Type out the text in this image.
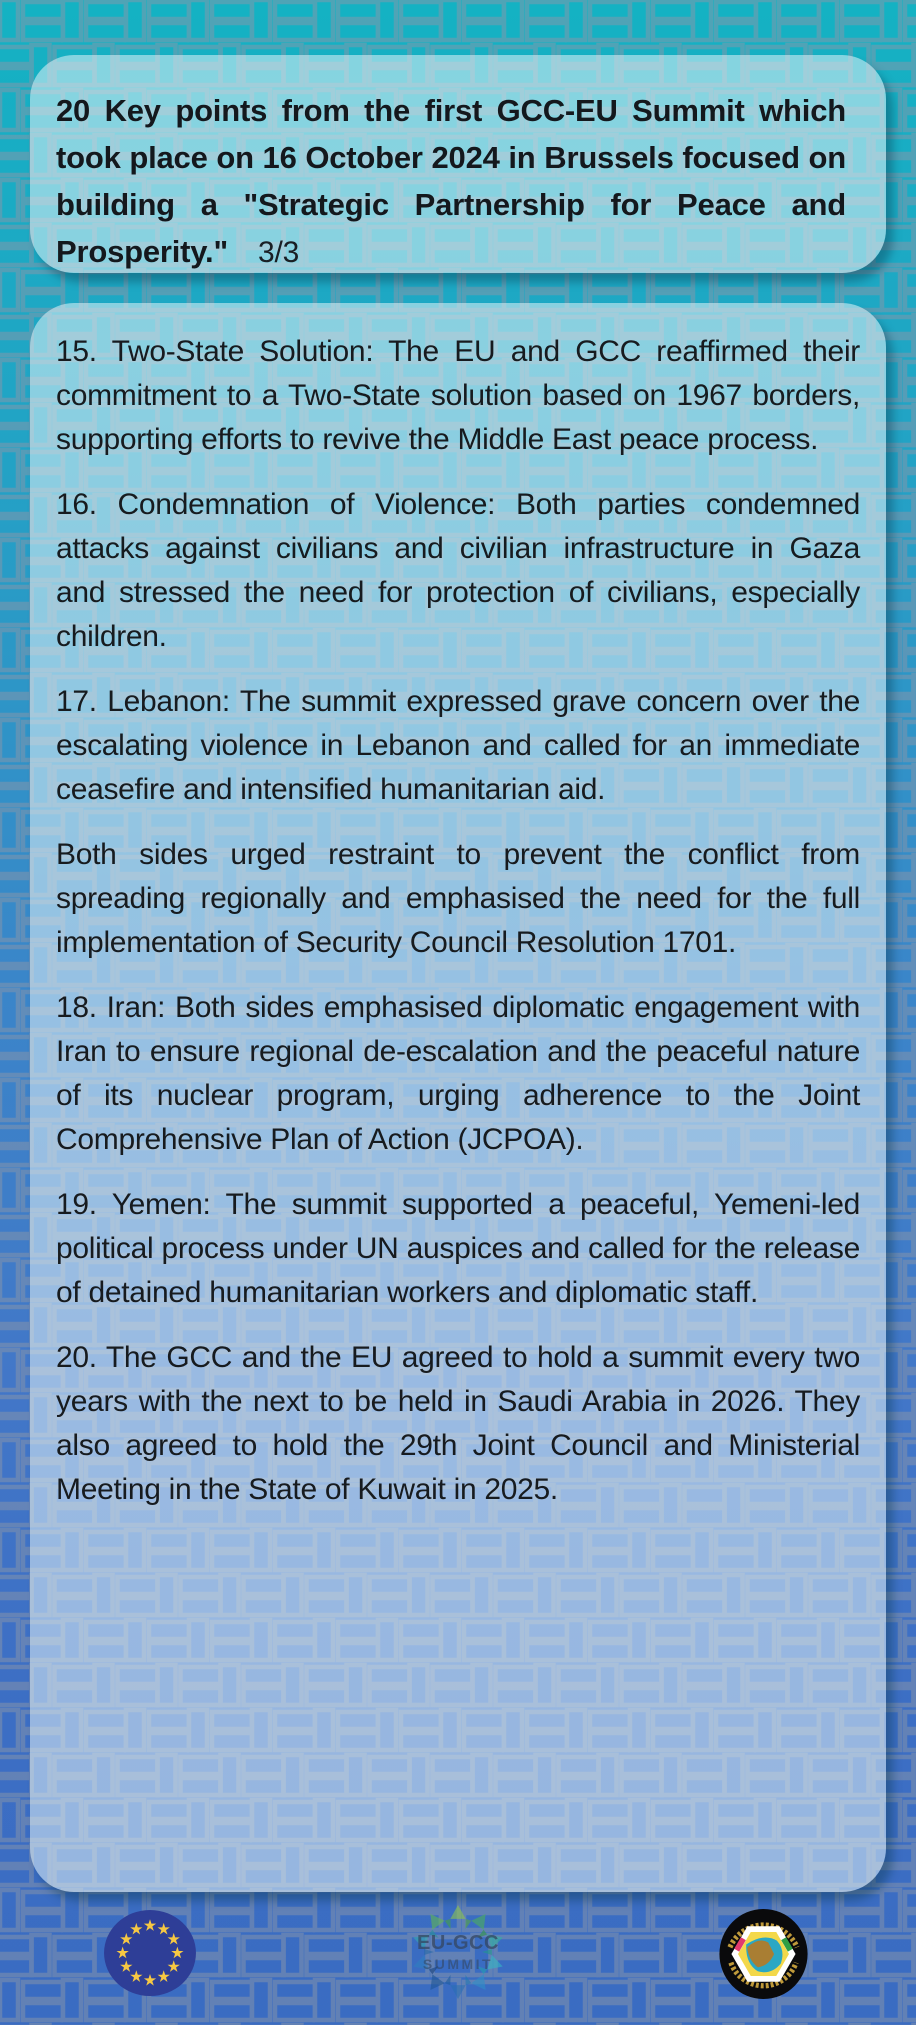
20 Key points from the first GCC-EU Summit which took place on 16 October 2024 in Brussels focused on building a "Strategic Partnership for Peace and Prosperity." 3/3

15. Two-State Solution: The EU and GCC reaffirmed their commitment to a Two-State solution based on 1967 borders, supporting efforts to revive the Middle East peace process.

16. Condemnation of Violence: Both parties condemned attacks against civilians and civilian infrastructure in Gaza and stressed the need for protection of civilians, especially children.

17. Lebanon: The summit expressed grave concern over the escalating violence in Lebanon and called for an immediate ceasefire and intensified humanitarian aid.

Both sides urged restraint to prevent the conflict from spreading regionally and emphasised the need for the full implementation of Security Council Resolution 1701.

18. Iran: Both sides emphasised diplomatic engagement with Iran to ensure regional de-escalation and the peaceful nature of its nuclear program, urging adherence to the Joint Comprehensive Plan of Action (JCPOA).

19. Yemen: The summit supported a peaceful, Yemeni-led political process under UN auspices and called for the release of detained humanitarian workers and diplomatic staff.

20. The GCC and the EU agreed to hold a summit every two years with the next to be held in Saudi Arabia in 2026. They also agreed to hold the 29th Joint Council and Ministerial Meeting in the State of Kuwait in 2025.

EU-GCC
SUMMIT
